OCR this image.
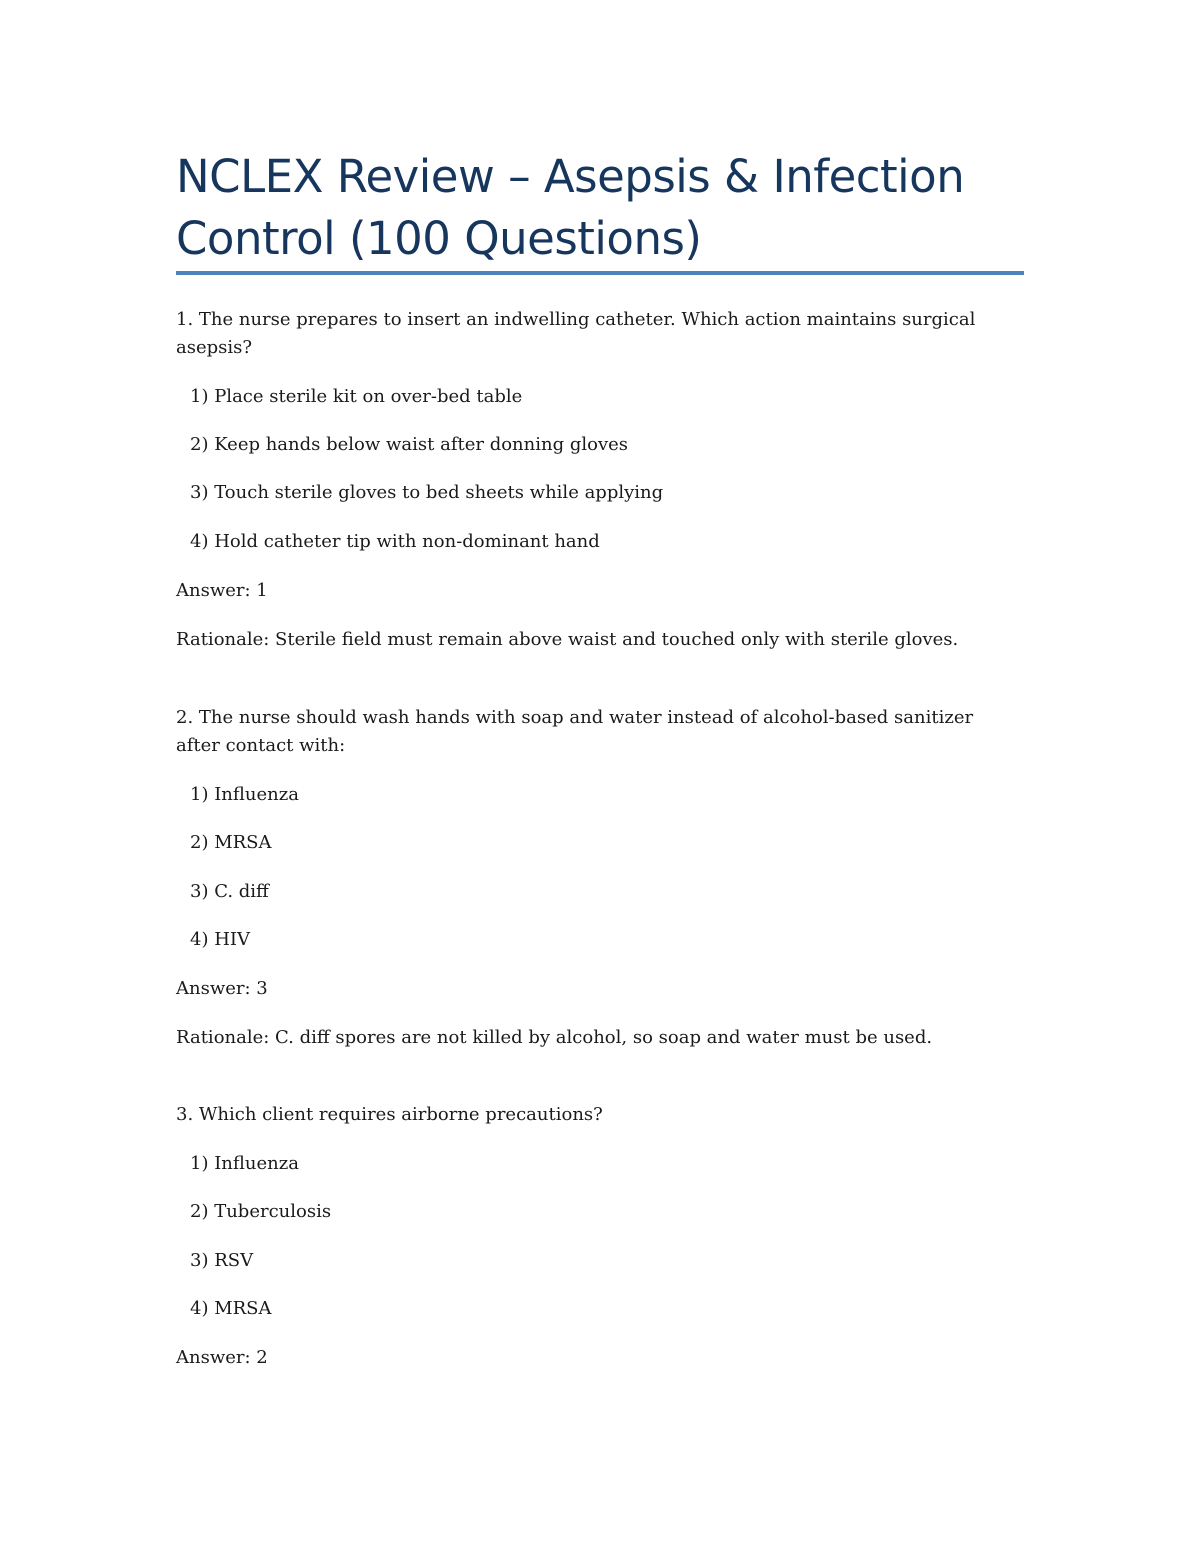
NCLEX Review – Asepsis & Infection Control (100 Questions)

1. The nurse prepares to insert an indwelling catheter. Which action maintains surgical asepsis?

1) Place sterile kit on over-bed table

2) Keep hands below waist after donning gloves

3) Touch sterile gloves to bed sheets while applying

4) Hold catheter tip with non-dominant hand

Answer: 1

Rationale: Sterile field must remain above waist and touched only with sterile gloves.

2. The nurse should wash hands with soap and water instead of alcohol-based sanitizer after contact with:

1) Influenza

2) MRSA

3) C. diff

4) HIV

Answer: 3

Rationale: C. diff spores are not killed by alcohol, so soap and water must be used.

3. Which client requires airborne precautions?

1) Influenza

2) Tuberculosis

3) RSV

4) MRSA

Answer: 2
